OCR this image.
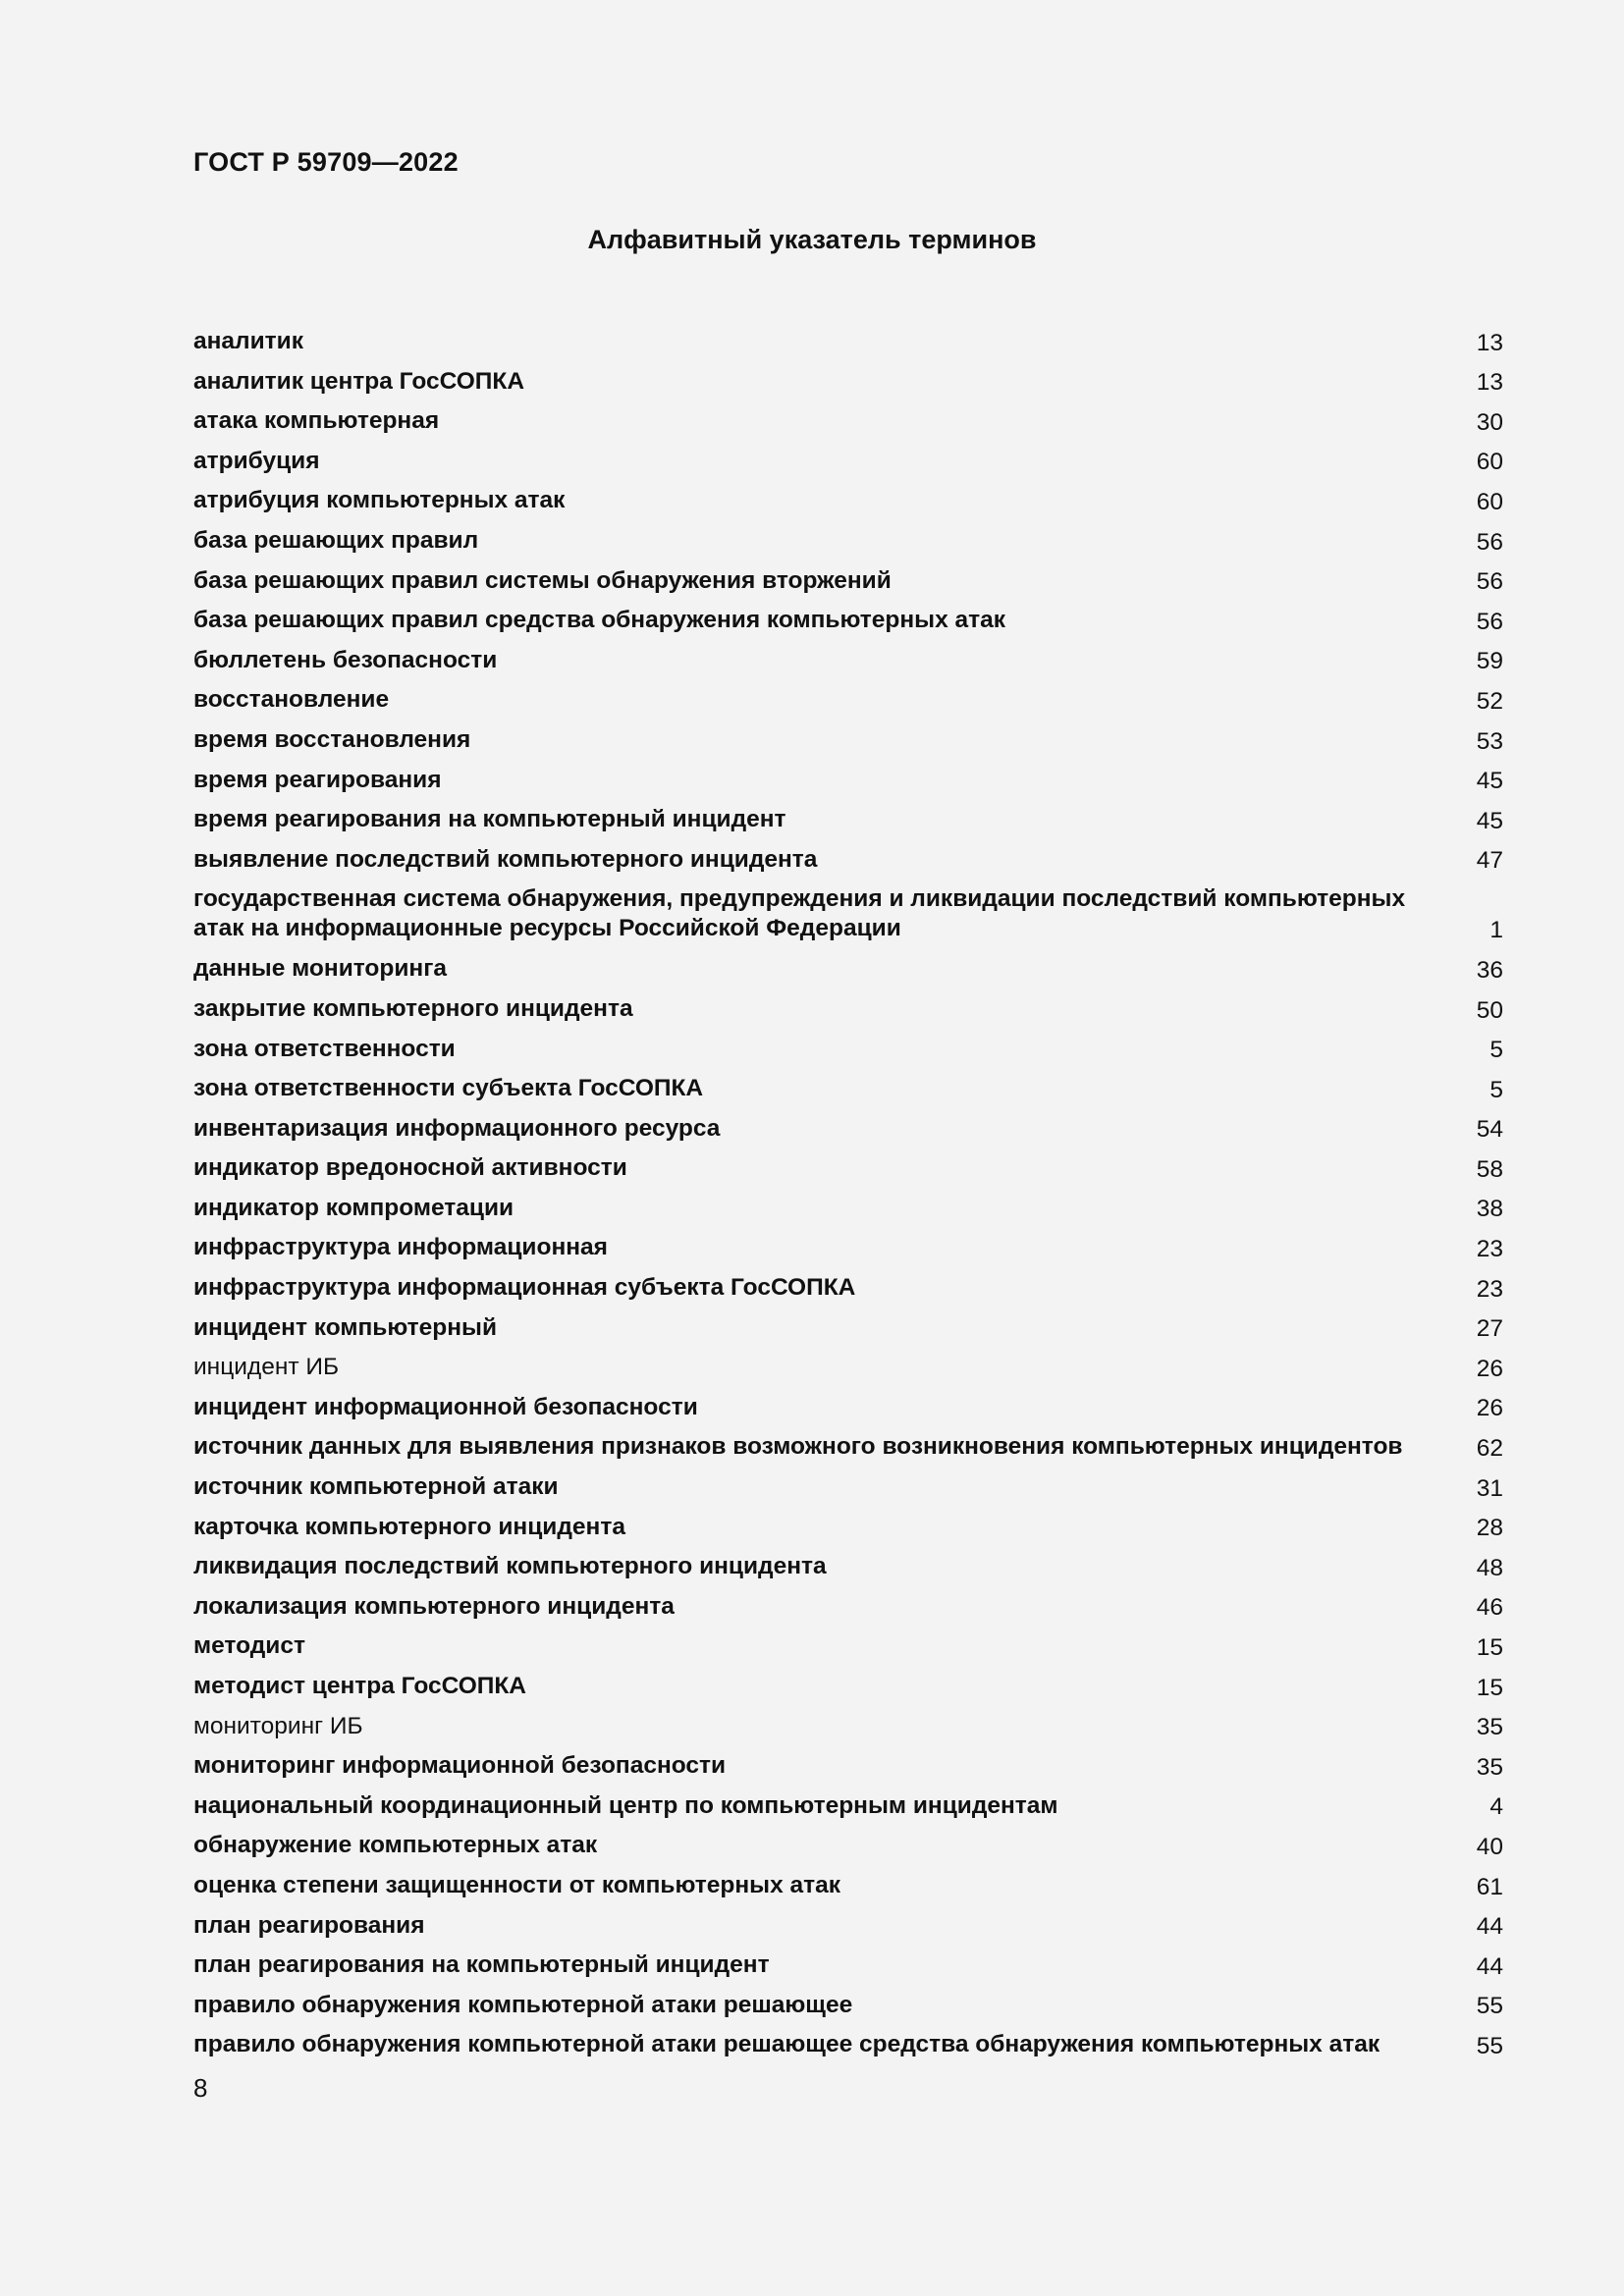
ГОСТ Р 59709—2022
Алфавитный указатель терминов
аналитик	13
аналитик центра ГосСОПКА	13
атака компьютерная	30
атрибуция	60
атрибуция компьютерных атак	60
база решающих правил	56
база решающих правил системы обнаружения вторжений	56
база решающих правил средства обнаружения компьютерных атак	56
бюллетень безопасности	59
восстановление	52
время восстановления	53
время реагирования	45
время реагирования на компьютерный инцидент	45
выявление последствий компьютерного инцидента	47
государственная система обнаружения, предупреждения и ликвидации последствий компьютерных атак на информационные ресурсы Российской Федерации	1
данные мониторинга	36
закрытие компьютерного инцидента	50
зона ответственности	5
зона ответственности субъекта ГосСОПКА	5
инвентаризация информационного ресурса	54
индикатор вредоносной активности	58
индикатор компрометации	38
инфраструктура информационная	23
инфраструктура информационная субъекта ГосСОПКА	23
инцидент компьютерный	27
инцидент ИБ	26
инцидент информационной безопасности	26
источник данных для выявления признаков возможного возникновения компьютерных инцидентов	62
источник компьютерной атаки	31
карточка компьютерного инцидента	28
ликвидация последствий компьютерного инцидента	48
локализация компьютерного инцидента	46
методист	15
методист центра ГосСОПКА	15
мониторинг ИБ	35
мониторинг информационной безопасности	35
национальный координационный центр по компьютерным инцидентам	4
обнаружение компьютерных атак	40
оценка степени защищенности от компьютерных атак	61
план реагирования	44
план реагирования на компьютерный инцидент	44
правило обнаружения компьютерной атаки решающее	55
правило обнаружения компьютерной атаки решающее средства обнаружения компьютерных атак	55
8
